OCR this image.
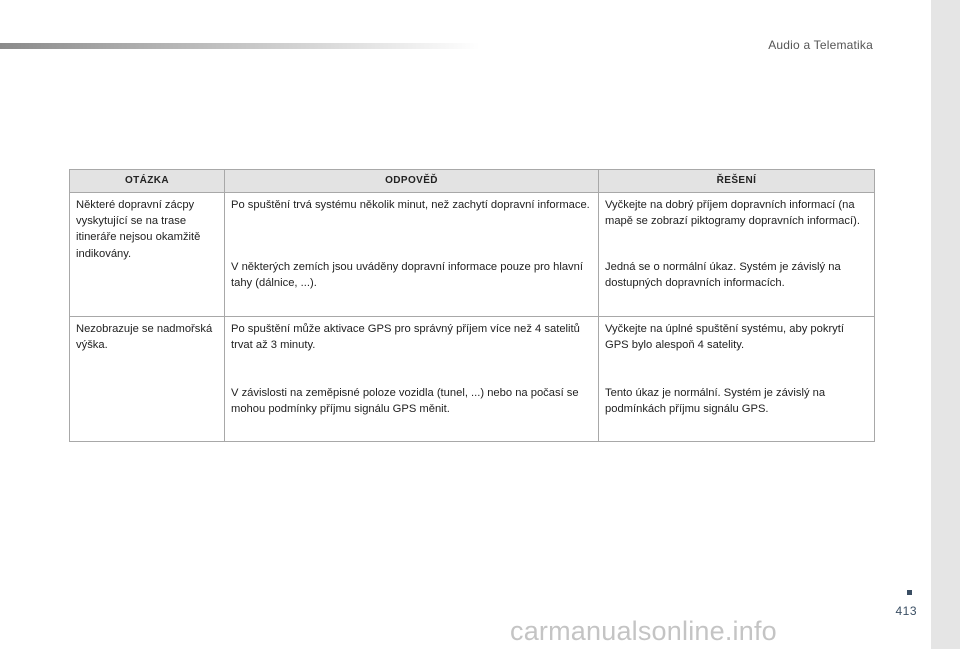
Audio a Telematika
OTÁZKA	ODPOVĚĎ	ŘEŠENÍ
Některé dopravní zácpy vyskytující se na trase itineráře nejsou okamžitě indikovány.	Po spuštění trvá systému několik minut, než zachytí dopravní informace.	Vyčkejte na dobrý příjem dopravních informací (na mapě se zobrazí piktogramy dopravních informací).
	V některých zemích jsou uváděny dopravní informace pouze pro hlavní tahy (dálnice, ...).	Jedná se o normální úkaz. Systém je závislý na dostupných dopravních informacích.
Nezobrazuje se nadmořská výška.	Po spuštění může aktivace GPS pro správný příjem více než 4 satelitů trvat až 3 minuty.	Vyčkejte na úplné spuštění systému, aby pokrytí GPS bylo alespoň 4 satelity.
	V závislosti na zeměpisné poloze vozidla (tunel, ...) nebo na počasí se mohou podmínky příjmu signálu GPS měnit.	Tento úkaz je normální. Systém je závislý na podmínkách příjmu signálu GPS.
413
carmanualsonline.info
